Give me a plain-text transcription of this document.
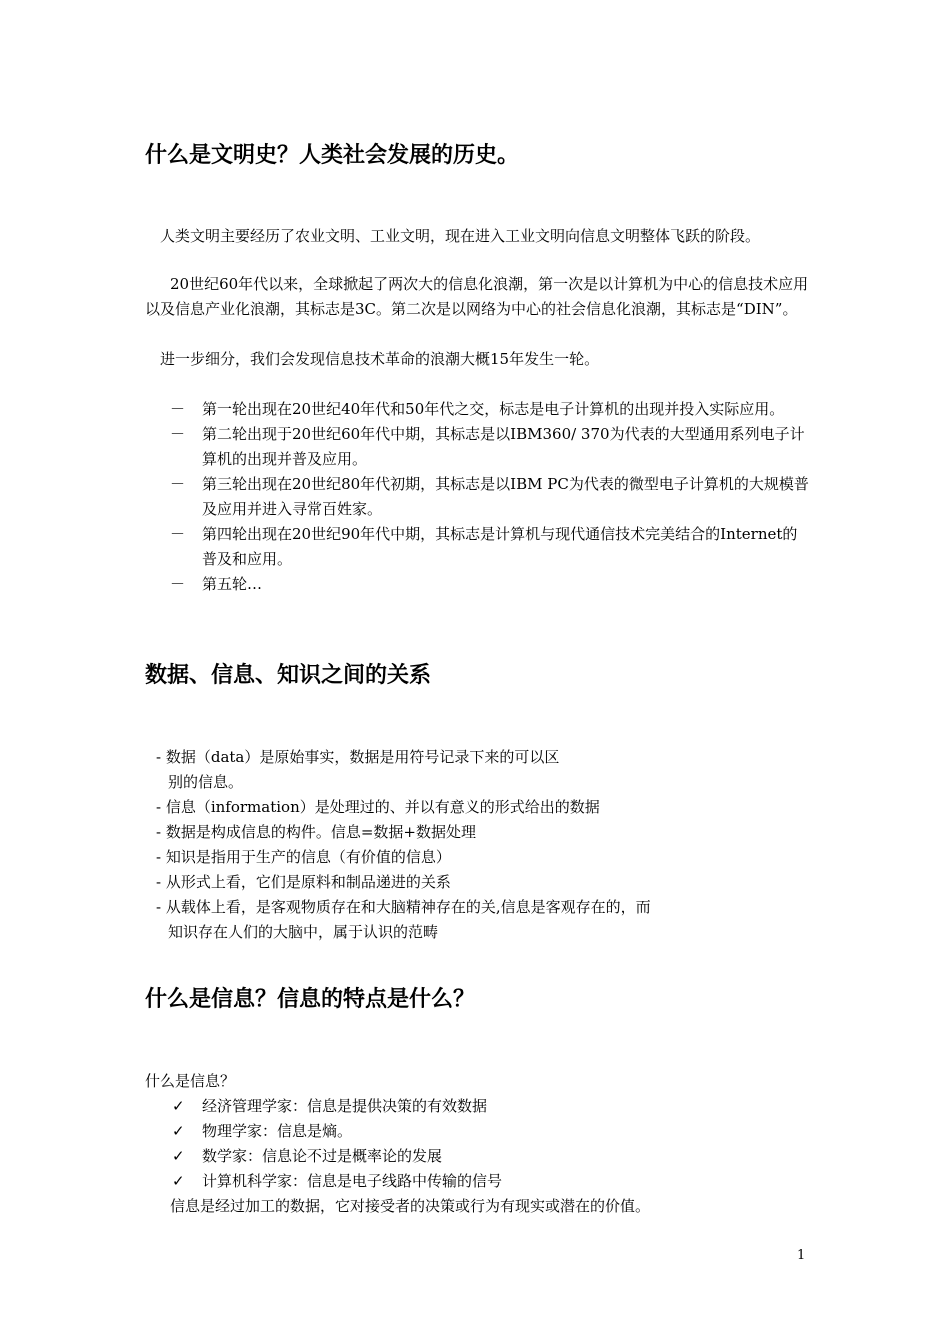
什么是文明史？人类社会发展的历史。

人类文明主要经历了农业文明、工业文明，现在进入工业文明向信息文明整体飞跃的阶段。

20世纪60年代以来，全球掀起了两次大的信息化浪潮，第一次是以计算机为中心的信息技术应用以及信息产业化浪潮，其标志是3C。第二次是以网络为中心的社会信息化浪潮，其标志是“DIN”。

进一步细分，我们会发现信息技术革命的浪潮大概15年发生一轮。

－	第一轮出现在20世纪40年代和50年代之交，标志是电子计算机的出现并投入实际应用。
－	第二轮出现于20世纪60年代中期，其标志是以IBM360/ 370为代表的大型通用系列电子计算机的出现并普及应用。
－	第三轮出现在20世纪80年代初期，其标志是以IBM PC为代表的微型电子计算机的大规模普及应用并进入寻常百姓家。
－	第四轮出现在20世纪90年代中期，其标志是计算机与现代通信技术完美结合的Internet的普及和应用。
－	第五轮…
数据、信息、知识之间的关系
- 数据（data）是原始事实，数据是用符号记录下来的可以区别的信息。
- 信息（information）是处理过的、并以有意义的形式给出的数据
- 数据是构成信息的构件。信息=数据+数据处理
- 知识是指用于生产的信息（有价值的信息）
- 从形式上看，它们是原料和制品递进的关系
- 从载体上看，是客观物质存在和大脑精神存在的关,信息是客观存在的，而知识存在人们的大脑中，属于认识的范畴
什么是信息？信息的特点是什么？

什么是信息？

✓ 经济管理学家：信息是提供决策的有效数据
✓ 物理学家：信息是熵。
✓ 数学家：信息论不过是概率论的发展
✓ 计算机科学家：信息是电子线路中传输的信号

信息是经过加工的数据，它对接受者的决策或行为有现实或潜在的价值。

1
